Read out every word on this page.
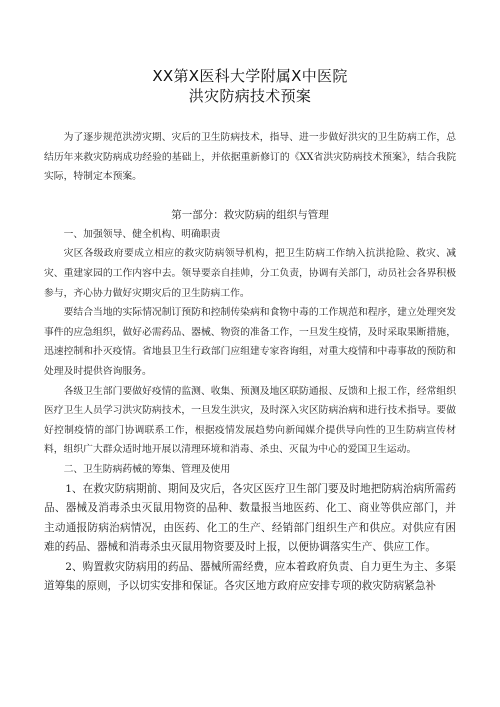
XX第X医科大学附属X中医院
洪灾防病技术预案

为了逐步规范洪涝灾期、灾后的卫生防病技术，指导、进一步做好洪灾的卫生防病工作，总结历年来救灾防病成功经验的基础上，并依据重新修订的《XX省洪灾防病技术预案》，结合我院实际，特制定本预案。

第一部分：救灾防病的组织与管理

一、加强领导、健全机构、明确职责

灾区各级政府要成立相应的救灾防病领导机构，把卫生防病工作纳入抗洪抢险、救灾、减灾、重建家园的工作内容中去。领导要亲自挂帅，分工负责，协调有关部门，动员社会各界积极参与，齐心协力做好灾期灾后的卫生防病工作。

要结合当地的实际情况制订预防和控制传染病和食物中毒的工作规范和程序，建立处理突发事件的应急组织，做好必需药品、器械、物资的准备工作，一旦发生疫情，及时采取果断措施，迅速控制和扑灭疫情。省地县卫生行政部门应组建专家咨询组，对重大疫情和中毒事故的预防和处理及时提供咨询服务。

各级卫生部门要做好疫情的监测、收集、预测及地区联防通报、反馈和上报工作，经常组织医疗卫生人员学习洪灾防病技术，一旦发生洪灾，及时深入灾区防病治病和进行技术指导。要做好控制疫情的部门协调联系工作，根据疫情发展趋势向新闻媒介提供导向性的卫生防病宣传材料，组织广大群众适时地开展以清理环境和消毒、杀虫、灭鼠为中心的爱国卫生运动。

二、卫生防病药械的筹集、管理及使用

1、在救灾防病期前、期间及灾后，各灾区医疗卫生部门要及时地把防病治病所需药品、器械及消毒杀虫灭鼠用物资的品种、数量报当地医药、化工、商业等供应部门，并主动通报防病治病情况，由医药、化工的生产、经销部门组织生产和供应。对供应有困难的药品、器械和消毒杀虫灭鼠用物资要及时上报，以便协调落实生产、供应工作。

2、购置救灾防病用的药品、器械所需经费，应本着政府负责、自力更生为主、多渠道筹集的原则，予以切实安排和保证。各灾区地方政府应安排专项的救灾防病紧急补
